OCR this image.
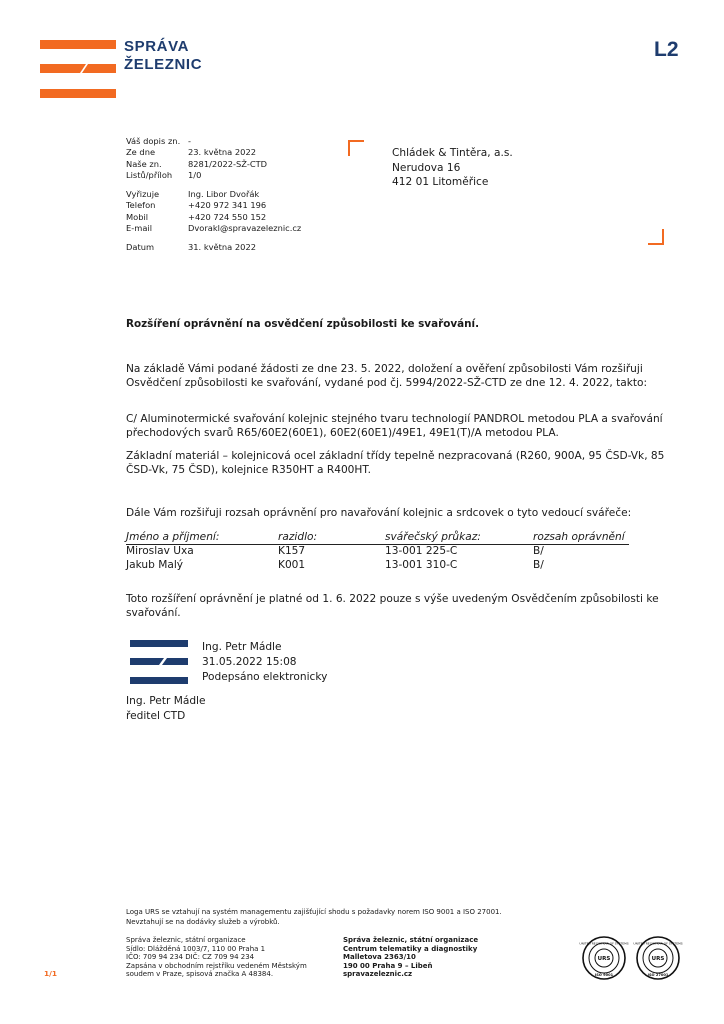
SPRÁVA
ŽELEZNIC
L2
Váš dopis zn. -
Ze dne	23. května 2022
Naše zn.	8281/2022-SŽ-CTD
Listů/příloh	1/0
Vyřizuje	Ing. Libor Dvořák
Telefon	+420 972 341 196
Mobil	+420 724 550 152
E-mail	Dvorakl@spravazeleznic.cz
Datum	31. května 2022
Chládek & Tintěra, a.s.
Nerudova 16
412 01 Litoměřice
Rozšíření oprávnění na osvědčení způsobilosti ke svařování.
Na základě Vámi podané žádosti ze dne 23. 5. 2022, doložení a ověření způsobilosti Vám rozšiřuji Osvědčení způsobilosti ke svařování, vydané pod čj. 5994/2022-SŽ-CTD ze dne 12. 4. 2022, takto:
C/ Aluminotermické svařování kolejnic stejného tvaru technologií PANDROL metodou PLA a svařování přechodových svarů R65/60E2(60E1), 60E2(60E1)/49E1, 49E1(T)/A metodou PLA.
Základní materiál – kolejnicová ocel základní třídy tepelně nezpracovaná (R260, 900A, 95 ČSD-Vk, 85 ČSD-Vk, 75 ČSD), kolejnice R350HT a R400HT.
Dále Vám rozšiřuji rozsah oprávnění pro navařování kolejnic a srdcovek o tyto vedoucí svářeče:
Jméno a příjmení:	razidlo:	svářečský průkaz:	rozsah oprávnění
Miroslav Uxa	K157	13-001 225-C	B/
Jakub Malý	K001	13-001 310-C	B/
Toto rozšíření oprávnění je platné od 1. 6. 2022 pouze s výše uvedeným Osvědčením způsobilosti ke svařování.
Ing. Petr Mádle
31.05.2022 15:08
Podepsáno elektronicky
Ing. Petr Mádle
ředitel CTD
Loga URS se vztahují na systém managementu zajišťující shodu s požadavky norem ISO 9001 a ISO 27001.
Nevztahují se na dodávky služeb a výrobků.
Správa železnic, státní organizace
Sídlo: Dlážděná 1003/7, 110 00 Praha 1
IČO: 709 94 234 DIČ: CZ 709 94 234
Zapsána v obchodním rejstříku vedeném Městským
soudem v Praze, spisová značka A 48384.
Správa železnic, státní organizace
Centrum telematiky a diagnostiky
Malletova 2363/10
190 00 Praha 9 – Libeň
spravazeleznic.cz
1/1
UNITED REGISTRAR OF SYSTEMS
URS
ISO 9001
UNITED REGISTRAR OF SYSTEMS
URS
ISO 27001
